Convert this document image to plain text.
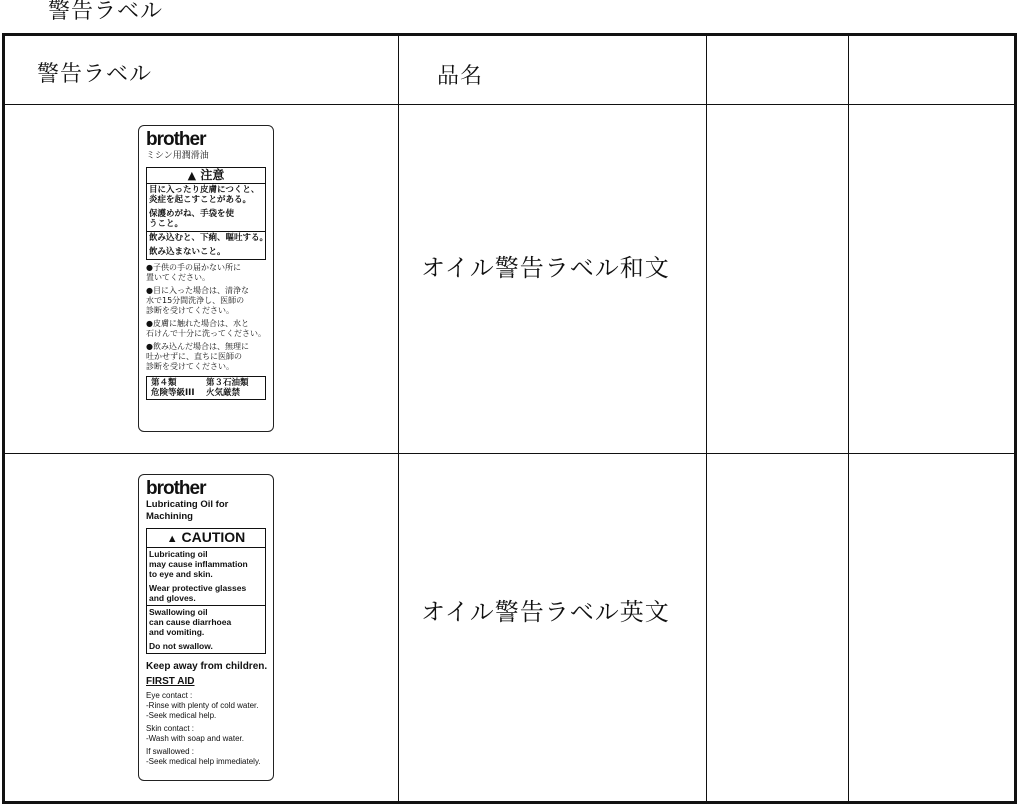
警告ラベル
警告ラベル	品名
オイル警告ラベル和文
brother
ミシン用潤滑油
▲ 注意
目に入ったり皮膚につくと、
炎症を起こすことがある。
保護めがね、手袋を使
うこと。
飲み込むと、下痢、嘔吐する。
飲み込まないこと。
●子供の手の届かない所に
置いてください。
●目に入った場合は、清浄な
水で15分間洗浄し、医師の
診断を受けてください。
●皮膚に触れた場合は、水と
石けんで十分に洗ってください。
●飲み込んだ場合は、無理に
吐かせずに、直ちに医師の
診断を受けてください。
第４類	第３石油類
危険等級III	火気厳禁
オイル警告ラベル英文
brother
Lubricating Oil for Machining
▲ CAUTION
Lubricating oil
may cause inflammation
to eye and skin.
Wear protective glasses
and gloves.
Swallowing oil
can cause diarrhoea
and vomiting.
Do not swallow.
Keep away from children.
FIRST AID
Eye contact :
-Rinse with plenty of cold water.
-Seek medical help.
Skin contact :
-Wash with soap and water.
If swallowed :
-Seek medical help immediately.
